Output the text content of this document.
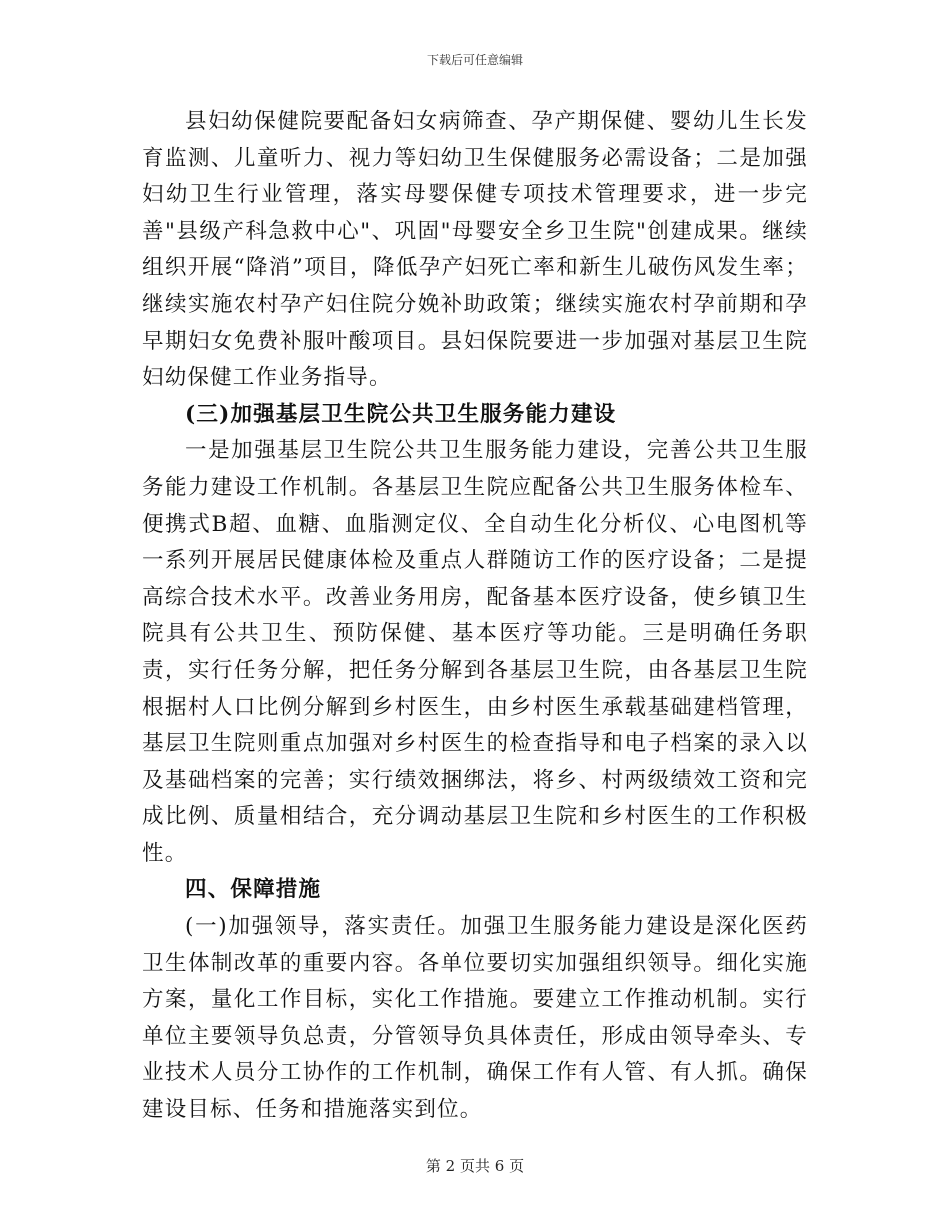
下载后可任意编辑

县妇幼保健院要配备妇女病筛查、孕产期保健、婴幼儿生长发育监测、儿童听力、视力等妇幼卫生保健服务必需设备；二是加强妇幼卫生行业管理，落实母婴保健专项技术管理要求，进一步完善"县级产科急救中心"、巩固"母婴安全乡卫生院"创建成果。继续组织开展“降消”项目，降低孕产妇死亡率和新生儿破伤风发生率；继续实施农村孕产妇住院分娩补助政策；继续实施农村孕前期和孕早期妇女免费补服叶酸项目。县妇保院要进一步加强对基层卫生院妇幼保健工作业务指导。

(三)加强基层卫生院公共卫生服务能力建设

一是加强基层卫生院公共卫生服务能力建设，完善公共卫生服务能力建设工作机制。各基层卫生院应配备公共卫生服务体检车、便携式B超、血糖、血脂测定仪、全自动生化分析仪、心电图机等一系列开展居民健康体检及重点人群随访工作的医疗设备；二是提高综合技术水平。改善业务用房，配备基本医疗设备，使乡镇卫生院具有公共卫生、预防保健、基本医疗等功能。三是明确任务职责，实行任务分解，把任务分解到各基层卫生院，由各基层卫生院根据村人口比例分解到乡村医生，由乡村医生承载基础建档管理，基层卫生院则重点加强对乡村医生的检查指导和电子档案的录入以及基础档案的完善；实行绩效捆绑法，将乡、村两级绩效工资和完成比例、质量相结合，充分调动基层卫生院和乡村医生的工作积极性。

四、保障措施

(一)加强领导，落实责任。加强卫生服务能力建设是深化医药卫生体制改革的重要内容。各单位要切实加强组织领导。细化实施方案，量化工作目标，实化工作措施。要建立工作推动机制。实行单位主要领导负总责，分管领导负具体责任，形成由领导牵头、专业技术人员分工协作的工作机制，确保工作有人管、有人抓。确保建设目标、任务和措施落实到位。

第 2 页共 6 页
